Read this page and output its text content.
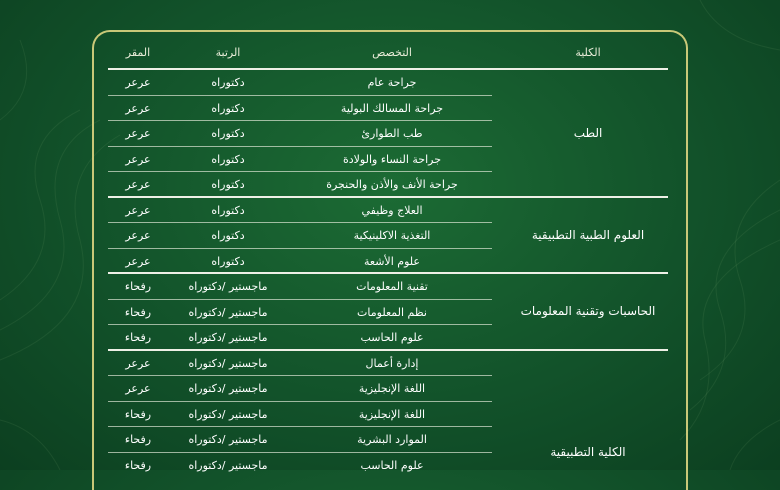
الكلية
التخصص
الرتبة
المقر
جراحة عام
دكتوراه
عرعر
جراحة المسالك البولية
دكتوراه
عرعر
طب الطوارئ
دكتوراه
عرعر
جراحة النساء والولادة
دكتوراه
عرعر
جراحة الأنف والأذن والحنجرة
دكتوراه
عرعر
الطب
العلاج وظيفي
دكتوراه
عرعر
التغذية الاكلينيكية
دكتوراه
عرعر
علوم الأشعة
دكتوراه
عرعر
العلوم الطبية التطبيقية
تقنية المعلومات
ماجستير /دكتوراه
رفحاء
نظم المعلومات
ماجستير /دكتوراه
رفحاء
علوم الحاسب
ماجستير /دكتوراه
رفحاء
الحاسبات وتقنية المعلومات
إدارة أعمال
ماجستير /دكتوراه
عرعر
اللغة الإنجليزية
ماجستير /دكتوراه
عرعر
اللغة الإنجليزية
ماجستير /دكتوراه
رفحاء
الموارد البشرية
ماجستير /دكتوراه
رفحاء
علوم الحاسب
ماجستير /دكتوراه
رفحاء
الكلية التطبيقية
